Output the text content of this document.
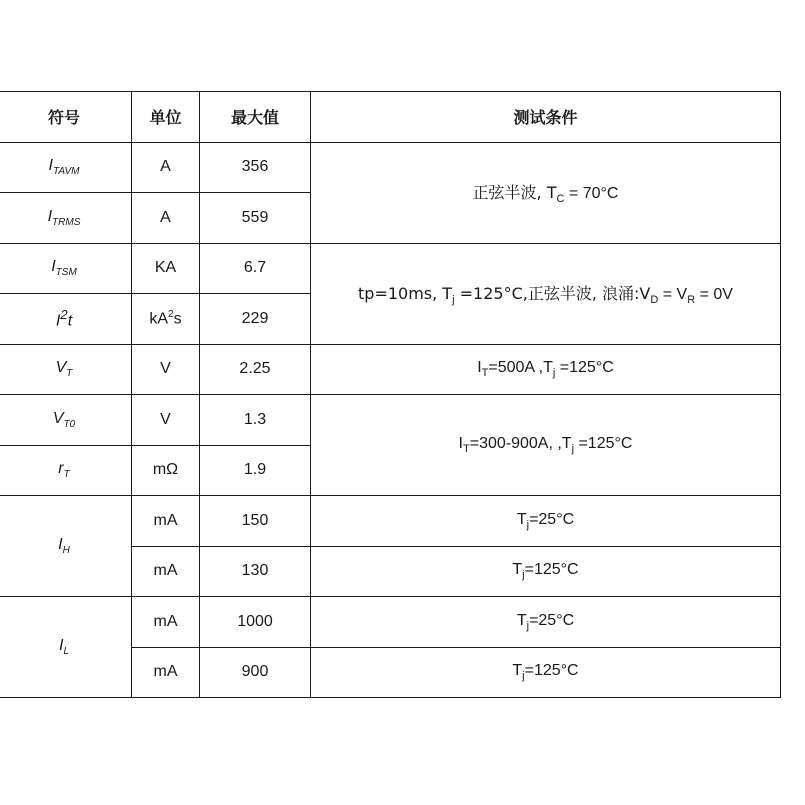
符号	单位	最大值	测试条件
$I_{TAVM}$	A	356	正弦半波, $T_C = 70^\circ C$
$I_{TRMS}$	A	559	
$I_{TSM}$	KA	6.7	tp=10ms, $T_j =125^\circ C$,正弦半波, 浪涌$:V_D = V_R = 0V$
$I^2t$	$kA^2s$	229	
$V_T$	V	2.25	$I_T=500A$ $,T_j =125^\circ C$
$V_{T0}$	V	1.3	$I_T=300-900A$, $,T_j =125^\circ C$
$r_T$	mΩ	1.9	
$I_H$	mA	150	$T_j=25^\circ C$
	mA	130	$T_j=125^\circ C$
$I_L$	mA	1000	$T_j=25^\circ C$
	mA	900	$T_j=125^\circ C$
